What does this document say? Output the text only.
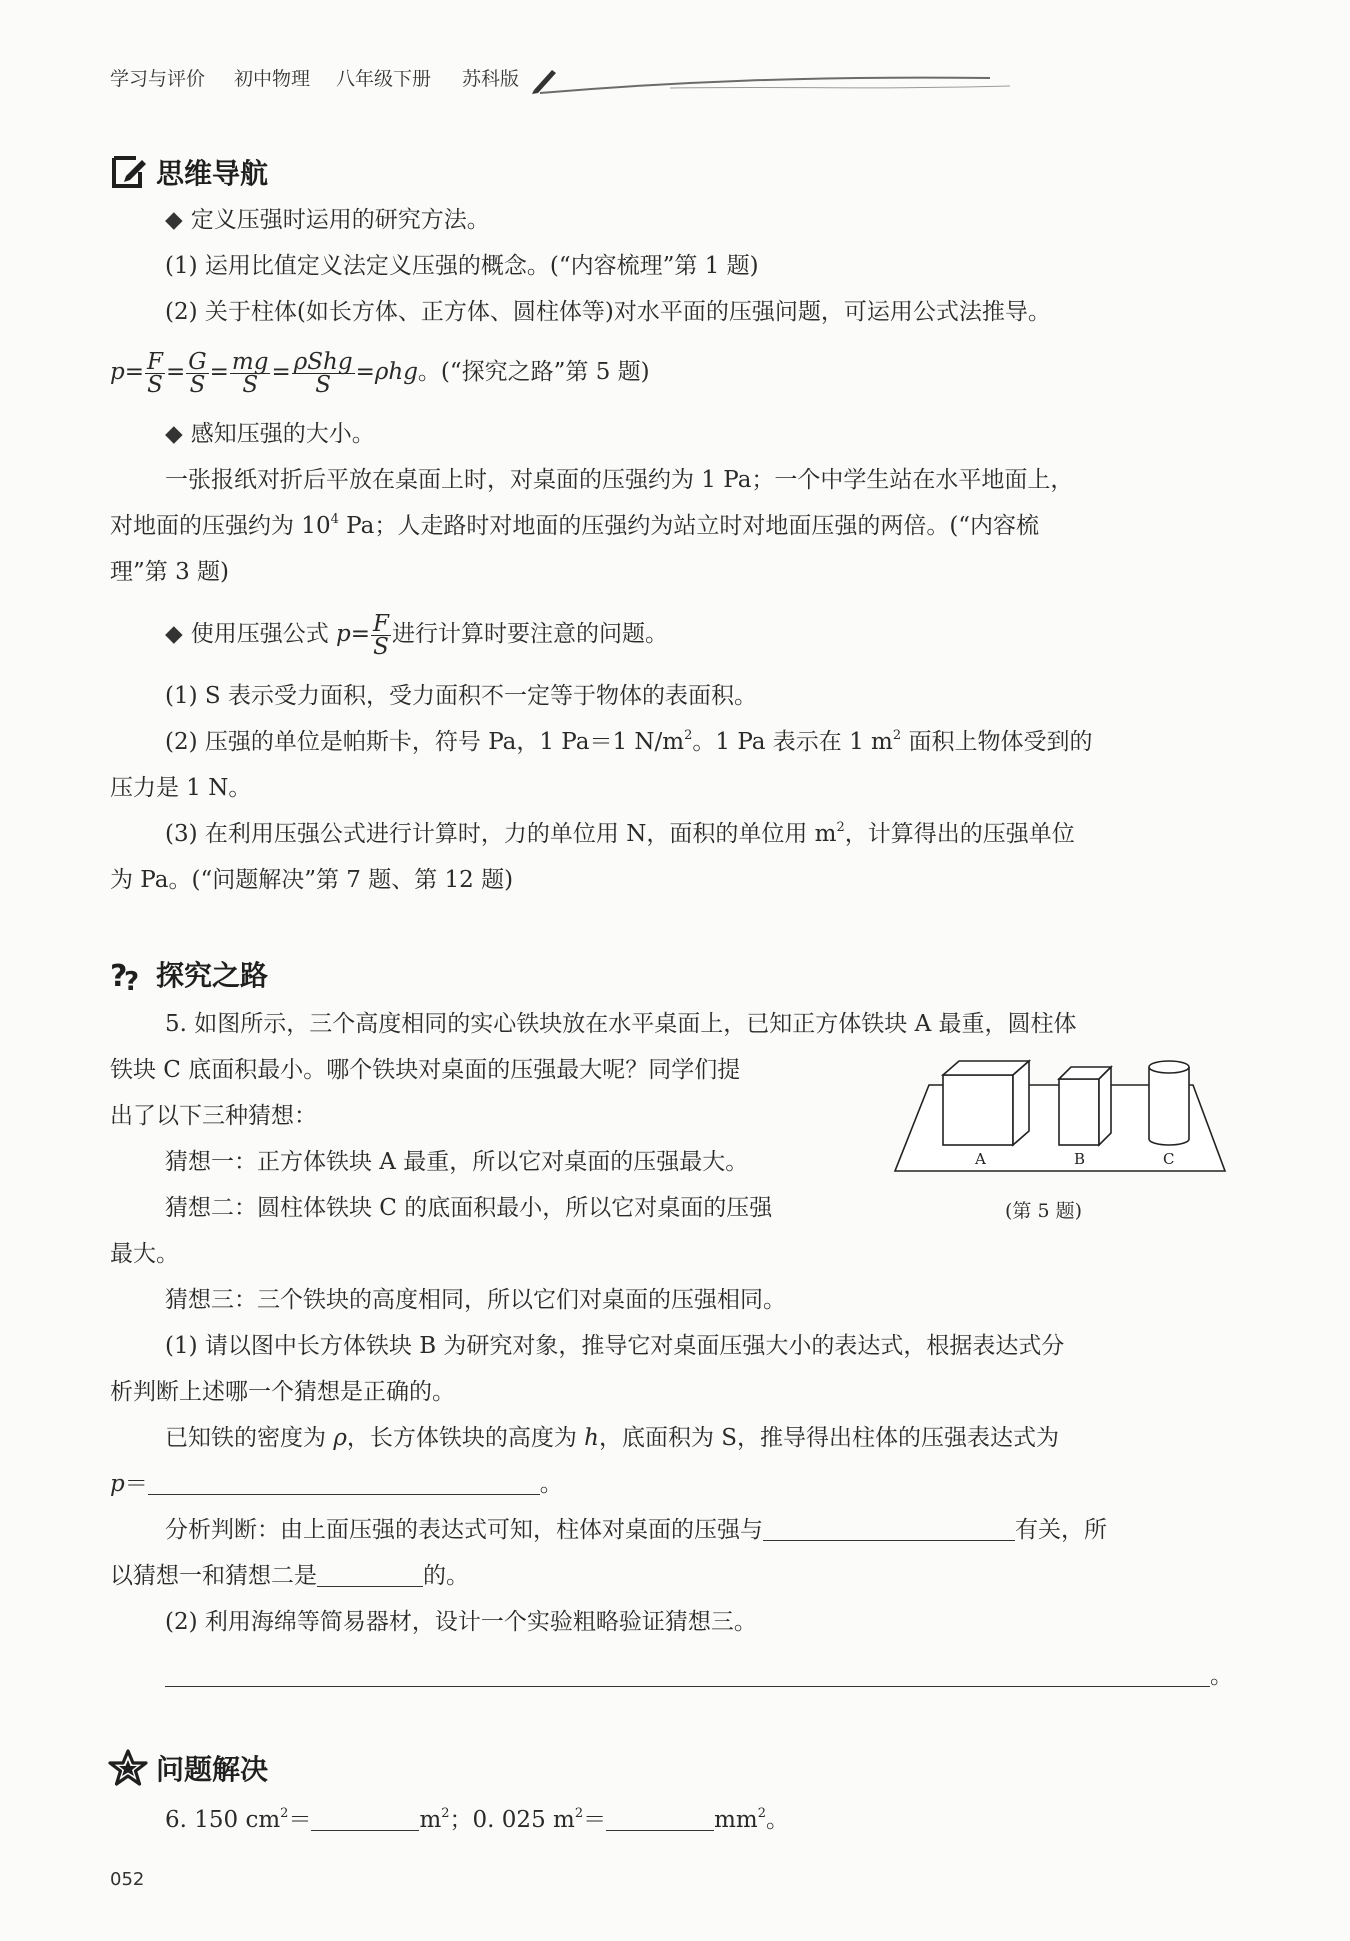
学习与评价 初中物理 八年级下册 苏科版
思维导航
◆ 定义压强时运用的研究方法。
(1) 运用比值定义法定义压强的概念。(“内容梳理”第 1 题)
(2) 关于柱体(如长方体、正方体、圆柱体等)对水平面的压强问题，可运用公式法推导。
$p= \frac{F}{S} = \frac{G}{S} = \frac{mg}{S} = \frac{\text{ρShg}}{S} =\rho hg$。(“探究之路”第 5 题)
◆ 感知压强的大小。
一张报纸对折后平放在桌面上时，对桌面的压强约为 1 Pa；一个中学生站在水平地面上，
对地面的压强约为 $10^4$ Pa；人走路时对地面的压强约为站立时对地面压强的两倍。(“内容梳
理”第 3 题)
◆ 使用压强公式 $p= \frac{F}{S}$ 进行计算时要注意的问题。
(1) S 表示受力面积，受力面积不一定等于物体的表面积。
(2) 压强的单位是帕斯卡，符号 Pa，1 Pa＝1 $N/m^2$。1 Pa 表示在 1 $m^2$ 面积上物体受到的
压力是 1 N。
(3) 在利用压强公式进行计算时，力的单位用 N，面积的单位用 $m^2$，计算得出的压强单位
为 Pa。(“问题解决”第 7 题、第 12 题)
?
? 探究之路
5. 如图所示，三个高度相同的实心铁块放在水平桌面上，已知正方体铁块 A 最重，圆柱体
铁块 C 底面积最小。哪个铁块对桌面的压强最大呢？同学们提
出了以下三种猜想：
猜想一：正方体铁块 A 最重，所以它对桌面的压强最大。
猜想二：圆柱体铁块 C 的底面积最小，所以它对桌面的压强
最大。
猜想三：三个铁块的高度相同，所以它们对桌面的压强相同。
(1) 请以图中长方体铁块 B 为研究对象，推导它对桌面压强大小的表达式，根据表达式分
析判断上述哪一个猜想是正确的。
已知铁的密度为 ρ，长方体铁块的高度为 h，底面积为 S，推导得出柱体的压强表达式为
p＝	。
分析判断：由上面压强的表达式可知，柱体对桌面的压强与	有关，所
以猜想一和猜想二是	的。
(2) 利用海绵等简易器材，设计一个实验粗略验证猜想三。
。
A	B	C
(第 5 题)
问题解决
6. 150 $cm^2=$	$m^2$；0. 025 $m^2=$	$mm^2$。
052
